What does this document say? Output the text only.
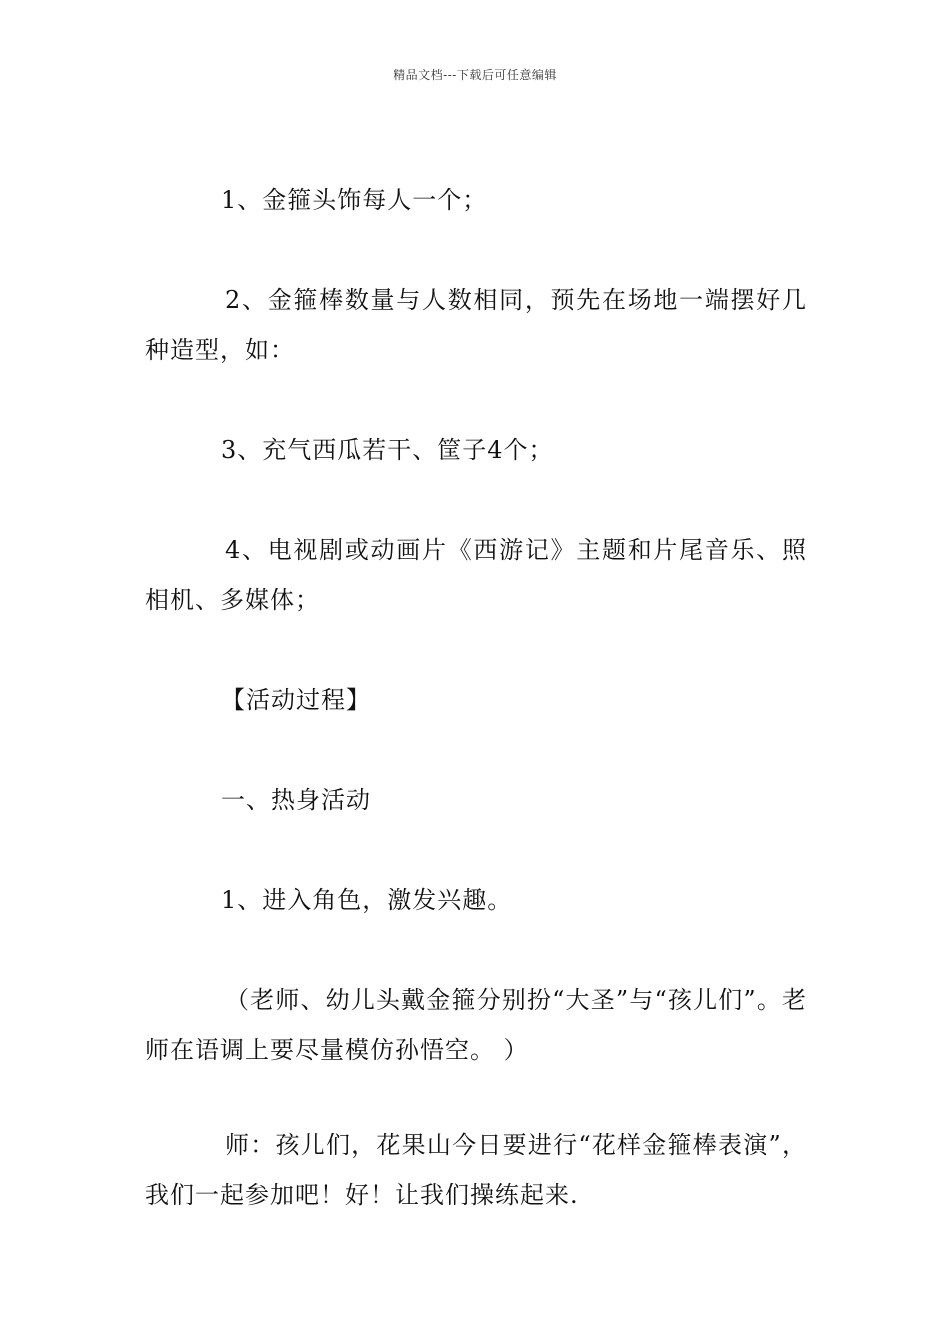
精品文档---下载后可任意编辑
1、金箍头饰每人一个；
2、金箍棒数量与人数相同，预先在场地一端摆好几种造型，如：
3、充气西瓜若干、筐子4个；
4、电视剧或动画片《西游记》主题和片尾音乐、照相机、多媒体；
【活动过程】
一、热身活动
1、进入角色，激发兴趣。
（老师、幼儿头戴金箍分别扮“大圣”与“孩儿们”。老师在语调上要尽量模仿孙悟空。 ）
师：孩儿们，花果山今日要进行“花样金箍棒表演”，我们一起参加吧！好！让我们操练起来.
